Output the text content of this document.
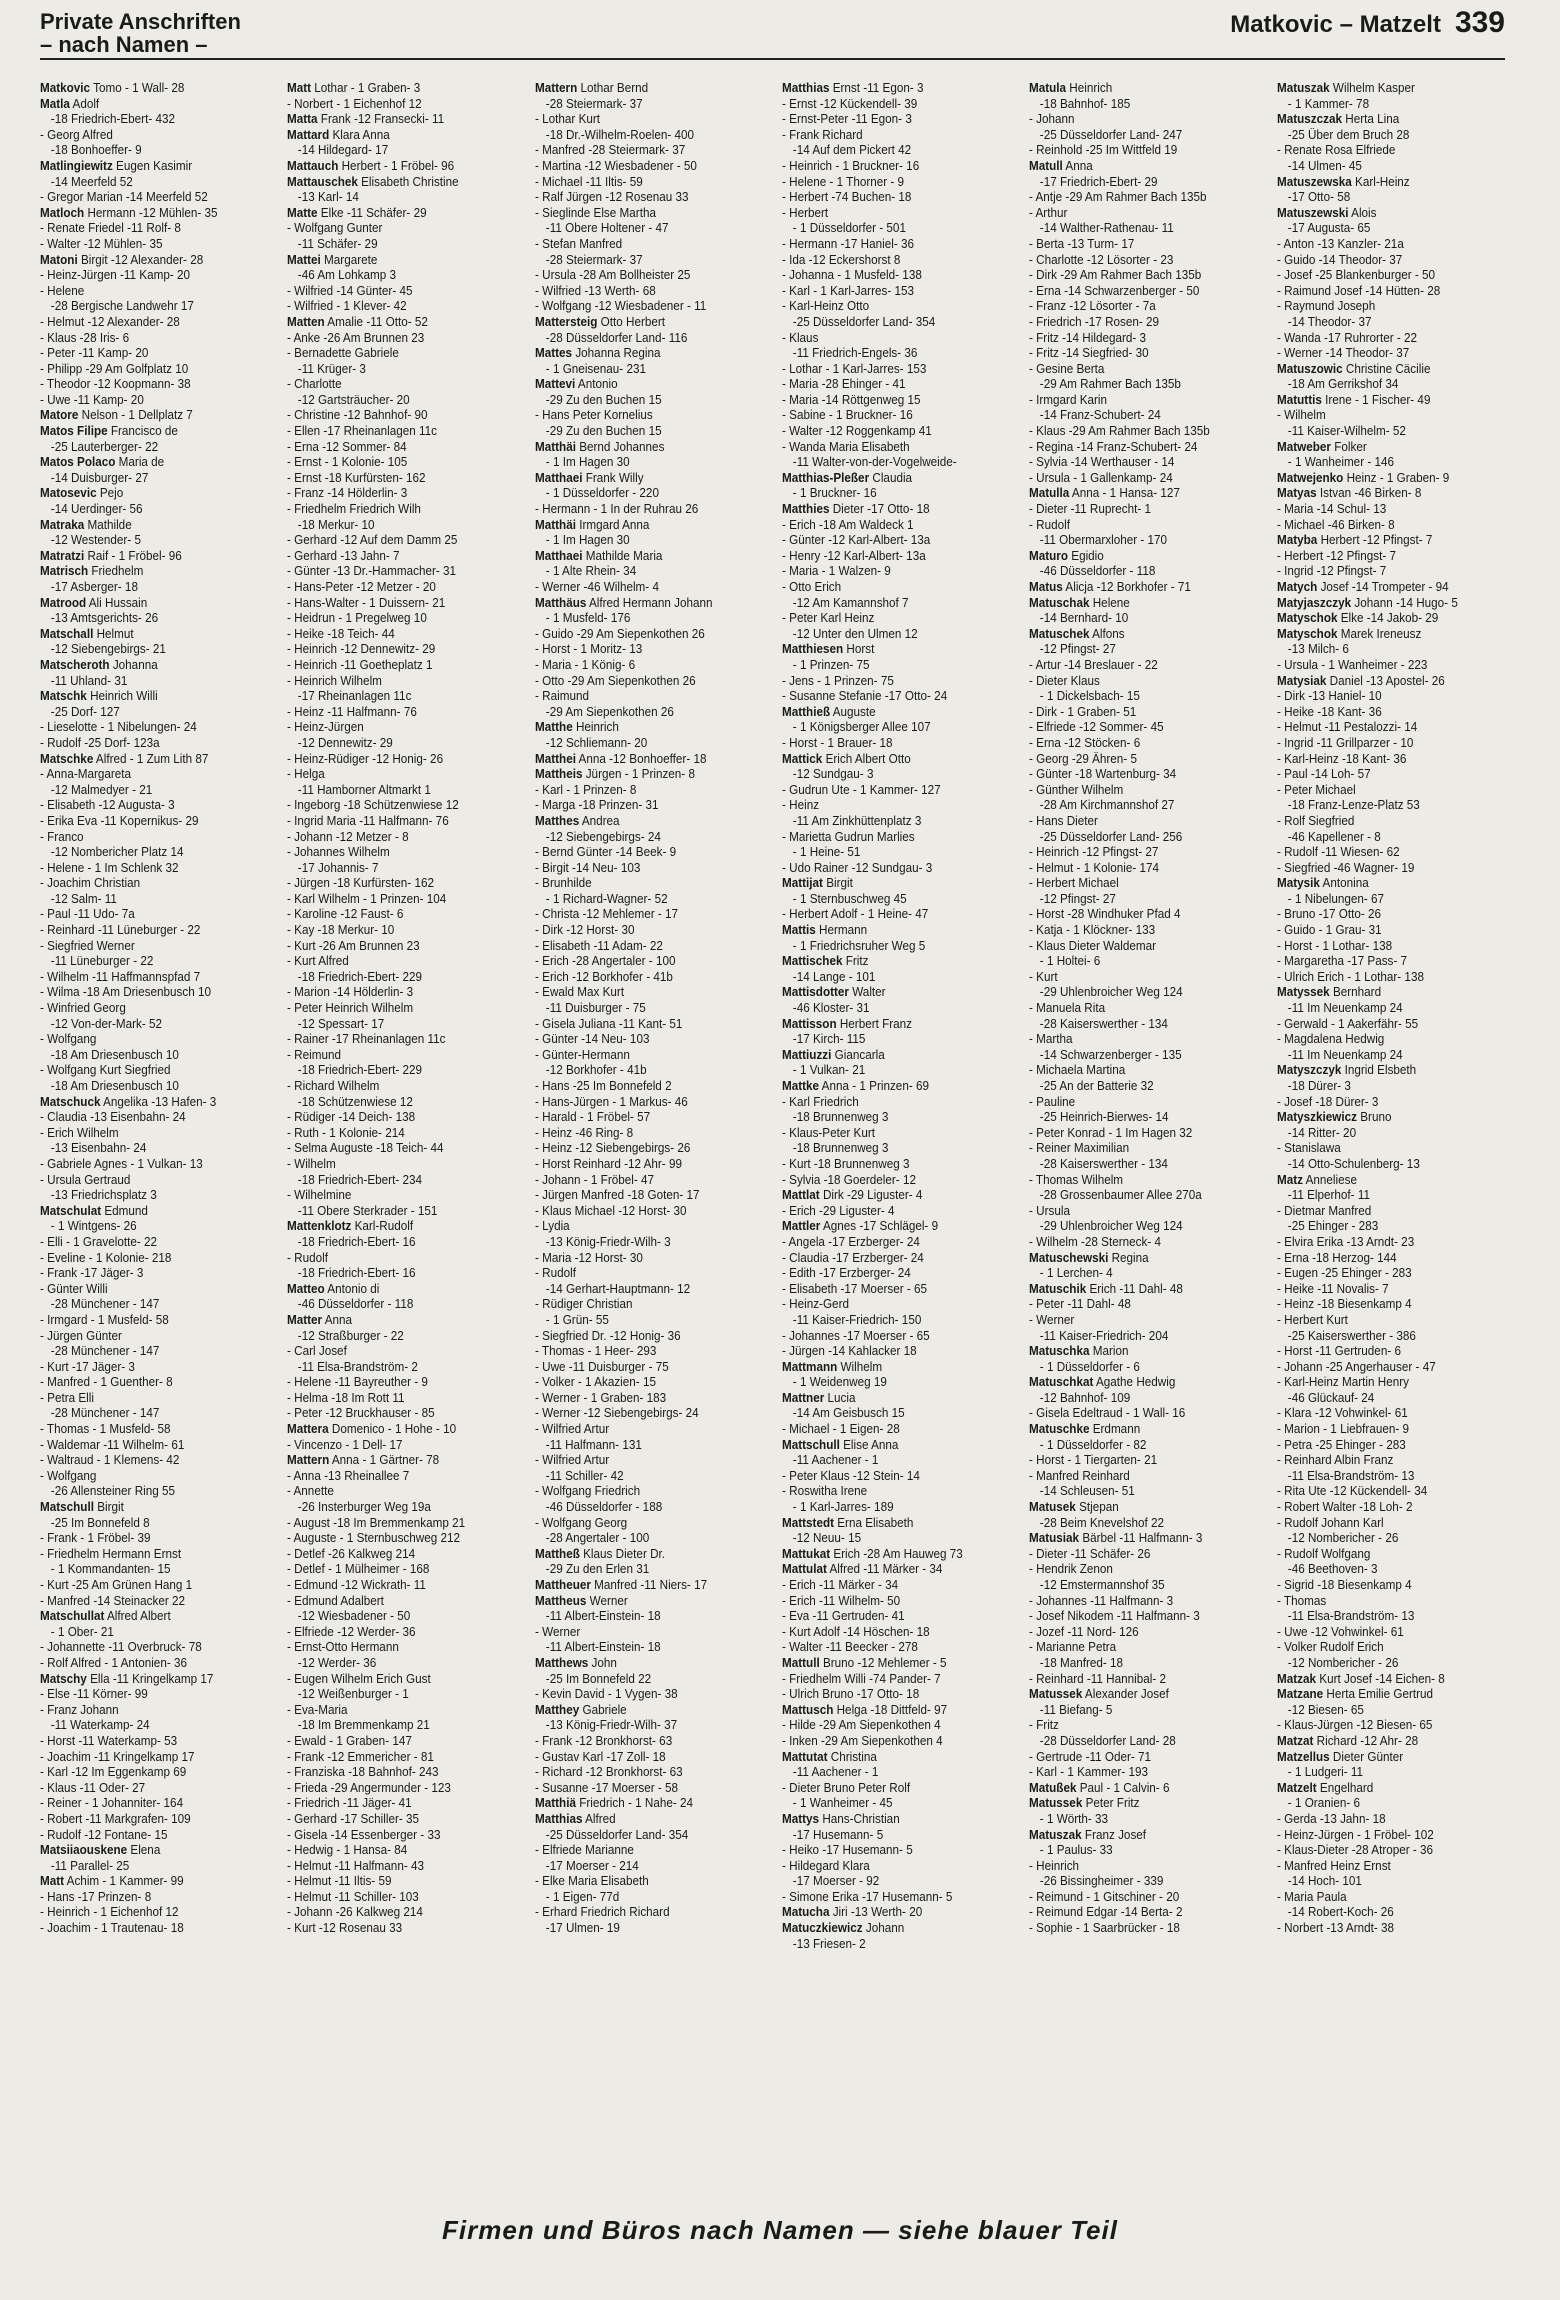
Private Anschriften
– nach Namen –
Matkovic – Matzelt 339
Matkovic Tomo - 1 Wall- 28
Matla Adolf
-18 Friedrich-Ebert- 432
- Georg Alfred
-18 Bonhoeffer- 9
Matlingiewitz Eugen Kasimir
-14 Meerfeld 52
- Gregor Marian -14 Meerfeld 52
Matloch Hermann -12 Mühlen- 35
- Renate Friedel -11 Rolf- 8
- Walter -12 Mühlen- 35
Matoni Birgit -12 Alexander- 28
- Heinz-Jürgen -11 Kamp- 20
- Helene
-28 Bergische Landwehr 17
- Helmut -12 Alexander- 28
- Klaus -28 Iris- 6
- Peter -11 Kamp- 20
- Philipp -29 Am Golfplatz 10
- Theodor -12 Koopmann- 38
- Uwe -11 Kamp- 20
Matore Nelson - 1 Dellplatz 7
Matos Filipe Francisco de
-25 Lauterberger- 22
Matos Polaco Maria de
-14 Duisburger- 27
Matosevic Pejo
-14 Uerdinger- 56
Matraka Mathilde
-12 Westender- 5
Matratzi Raif - 1 Fröbel- 96
Matrisch Friedhelm
-17 Asberger- 18
Matrood Ali Hussain
-13 Amtsgerichts- 26
Matschall Helmut
-12 Siebengebirgs- 21
Matscheroth Johanna
-11 Uhland- 31
Matschk Heinrich Willi
-25 Dorf- 127
- Lieselotte - 1 Nibelungen- 24
- Rudolf -25 Dorf- 123a
Matschke Alfred - 1 Zum Lith 87
- Anna-Margareta
-12 Malmedyer - 21
- Elisabeth -12 Augusta- 3
- Erika Eva -11 Kopernikus- 29
- Franco
-12 Nombericher Platz 14
- Helene - 1 Im Schlenk 32
- Joachim Christian
-12 Salm- 11
- Paul -11 Udo- 7a
- Reinhard -11 Lüneburger - 22
- Siegfried Werner
-11 Lüneburger - 22
- Wilhelm -11 Haffmannspfad 7
- Wilma -18 Am Driesenbusch 10
- Winfried Georg
-12 Von-der-Mark- 52
- Wolfgang
-18 Am Driesenbusch 10
- Wolfgang Kurt Siegfried
-18 Am Driesenbusch 10
Matschuck Angelika -13 Hafen- 3
- Claudia -13 Eisenbahn- 24
- Erich Wilhelm
-13 Eisenbahn- 24
- Gabriele Agnes - 1 Vulkan- 13
- Ursula Gertraud
-13 Friedrichsplatz 3
Matschulat Edmund
- 1 Wintgens- 26
- Elli - 1 Gravelotte- 22
- Eveline - 1 Kolonie- 218
- Frank -17 Jäger- 3
- Günter Willi
-28 Münchener - 147
- Irmgard - 1 Musfeld- 58
- Jürgen Günter
-28 Münchener - 147
- Kurt -17 Jäger- 3
- Manfred - 1 Guenther- 8
- Petra Elli
-28 Münchener - 147
- Thomas - 1 Musfeld- 58
- Waldemar -11 Wilhelm- 61
- Waltraud - 1 Klemens- 42
- Wolfgang
-26 Allensteiner Ring 55
Matschull Birgit
-25 Im Bonnefeld 8
- Frank - 1 Fröbel- 39
- Friedhelm Hermann Ernst
- 1 Kommandanten- 15
- Kurt -25 Am Grünen Hang 1
- Manfred -14 Steinacker 22
Matschullat Alfred Albert
- 1 Ober- 21
- Johannette -11 Overbruck- 78
- Rolf Alfred - 1 Antonien- 36
Matschy Ella -11 Kringelkamp 17
- Else -11 Körner- 99
- Franz Johann
-11 Waterkamp- 24
- Horst -11 Waterkamp- 53
- Joachim -11 Kringelkamp 17
- Karl -12 Im Eggenkamp 69
- Klaus -11 Oder- 27
- Reiner - 1 Johanniter- 164
- Robert -11 Markgrafen- 109
- Rudolf -12 Fontane- 15
Matsiiaouskene Elena
-11 Parallel- 25
Matt Achim - 1 Kammer- 99
- Hans -17 Prinzen- 8
- Heinrich - 1 Eichenhof 12
- Joachim - 1 Trautenau- 18
Matt Lothar - 1 Graben- 3
- Norbert - 1 Eichenhof 12
Matta Frank -12 Fransecki- 11
Mattard Klara Anna
-14 Hildegard- 17
Mattauch Herbert - 1 Fröbel- 96
Mattauschek Elisabeth Christine
-13 Karl- 14
Matte Elke -11 Schäfer- 29
- Wolfgang Gunter
-11 Schäfer- 29
Mattei Margarete
-46 Am Lohkamp 3
- Wilfried -14 Günter- 45
- Wilfried - 1 Klever- 42
Matten Amalie -11 Otto- 52
- Anke -26 Am Brunnen 23
- Bernadette Gabriele
-11 Krüger- 3
- Charlotte
-12 Gartsträucher- 20
- Christine -12 Bahnhof- 90
- Ellen -17 Rheinanlagen 11c
- Erna -12 Sommer- 84
- Ernst - 1 Kolonie- 105
- Ernst -18 Kurfürsten- 162
- Franz -14 Hölderlin- 3
- Friedhelm Friedrich Wilh
-18 Merkur- 10
- Gerhard -12 Auf dem Damm 25
- Gerhard -13 Jahn- 7
- Günter -13 Dr.-Hammacher- 31
- Hans-Peter -12 Metzer - 20
- Hans-Walter - 1 Duissern- 21
- Heidrun - 1 Pregelweg 10
- Heike -18 Teich- 44
- Heinrich -12 Dennewitz- 29
- Heinrich -11 Goetheplatz 1
- Heinrich Wilhelm
-17 Rheinanlagen 11c
- Heinz -11 Halfmann- 76
- Heinz-Jürgen
-12 Dennewitz- 29
- Heinz-Rüdiger -12 Honig- 26
- Helga
-11 Hamborner Altmarkt 1
- Ingeborg -18 Schützenwiese 12
- Ingrid Maria -11 Halfmann- 76
- Johann -12 Metzer - 8
- Johannes Wilhelm
-17 Johannis- 7
- Jürgen -18 Kurfürsten- 162
- Karl Wilhelm - 1 Prinzen- 104
- Karoline -12 Faust- 6
- Kay -18 Merkur- 10
- Kurt -26 Am Brunnen 23
- Kurt Alfred
-18 Friedrich-Ebert- 229
- Marion -14 Hölderlin- 3
- Peter Heinrich Wilhelm
-12 Spessart- 17
- Rainer -17 Rheinanlagen 11c
- Reimund
-18 Friedrich-Ebert- 229
- Richard Wilhelm
-18 Schützenwiese 12
- Rüdiger -14 Deich- 138
- Ruth - 1 Kolonie- 214
- Selma Auguste -18 Teich- 44
- Wilhelm
-18 Friedrich-Ebert- 234
- Wilhelmine
-11 Obere Sterkrader - 151
Mattenklotz Karl-Rudolf
-18 Friedrich-Ebert- 16
- Rudolf
-18 Friedrich-Ebert- 16
Matteo Antonio di
-46 Düsseldorfer - 118
Matter Anna
-12 Straßburger - 22
- Carl Josef
-11 Elsa-Brandström- 2
- Helene -11 Bayreuther - 9
- Helma -18 Im Rott 11
- Peter -12 Bruckhauser - 85
Mattera Domenico - 1 Hohe - 10
- Vincenzo - 1 Dell- 17
Mattern Anna - 1 Gärtner- 78
- Anna -13 Rheinallee 7
- Annette
-26 Insterburger Weg 19a
- August -18 Im Bremmenkamp 21
- Auguste - 1 Sternbuschweg 212
- Detlef -26 Kalkweg 214
- Detlef - 1 Mülheimer - 168
- Edmund -12 Wickrath- 11
- Edmund Adalbert
-12 Wiesbadener - 50
- Elfriede -12 Werder- 36
- Ernst-Otto Hermann
-12 Werder- 36
- Eugen Wilhelm Erich Gust
-12 Weißenburger - 1
- Eva-Maria
-18 Im Bremmenkamp 21
- Ewald - 1 Graben- 147
- Frank -12 Emmericher - 81
- Franziska -18 Bahnhof- 243
- Frieda -29 Angermunder - 123
- Friedrich -11 Jäger- 41
- Gerhard -17 Schiller- 35
- Gisela -14 Essenberger - 33
- Hedwig - 1 Hansa- 84
- Helmut -11 Halfmann- 43
- Helmut -11 Iltis- 59
- Helmut -11 Schiller- 103
- Johann -26 Kalkweg 214
- Kurt -12 Rosenau 33
Mattern Lothar Bernd
-28 Steiermark- 37
- Lothar Kurt
-18 Dr.-Wilhelm-Roelen- 400
- Manfred -28 Steiermark- 37
- Martina -12 Wiesbadener - 50
- Michael -11 Iltis- 59
- Ralf Jürgen -12 Rosenau 33
- Sieglinde Else Martha
-11 Obere Holtener - 47
- Stefan Manfred
-28 Steiermark- 37
- Ursula -28 Am Bollheister 25
- Wilfried -13 Werth- 68
- Wolfgang -12 Wiesbadener - 11
Mattersteig Otto Herbert
-28 Düsseldorfer Land- 116
Mattes Johanna Regina
- 1 Gneisenau- 231
Mattevi Antonio
-29 Zu den Buchen 15
- Hans Peter Kornelius
-29 Zu den Buchen 15
Matthäi Bernd Johannes
- 1 Im Hagen 30
Matthaei Frank Willy
- 1 Düsseldorfer - 220
- Hermann - 1 In der Ruhrau 26
Matthäi Irmgard Anna
- 1 Im Hagen 30
Matthaei Mathilde Maria
- 1 Alte Rhein- 34
- Werner -46 Wilhelm- 4
Matthäus Alfred Hermann Johann
- 1 Musfeld- 176
- Guido -29 Am Siepenkothen 26
- Horst - 1 Moritz- 13
- Maria - 1 König- 6
- Otto -29 Am Siepenkothen 26
- Raimund
-29 Am Siepenkothen 26
Matthe Heinrich
-12 Schliemann- 20
Matthei Anna -12 Bonhoeffer- 18
Mattheis Jürgen - 1 Prinzen- 8
- Karl - 1 Prinzen- 8
- Marga -18 Prinzen- 31
Matthes Andrea
-12 Siebengebirgs- 24
- Bernd Günter -14 Beek- 9
- Birgit -14 Neu- 103
- Brunhilde
- 1 Richard-Wagner- 52
- Christa -12 Mehlemer - 17
- Dirk -12 Horst- 30
- Elisabeth -11 Adam- 22
- Erich -28 Angertaler - 100
- Erich -12 Borkhofer - 41b
- Ewald Max Kurt
-11 Duisburger - 75
- Gisela Juliana -11 Kant- 51
- Günter -14 Neu- 103
- Günter-Hermann
-12 Borkhofer - 41b
- Hans -25 Im Bonnefeld 2
- Hans-Jürgen - 1 Markus- 46
- Harald - 1 Fröbel- 57
- Heinz -46 Ring- 8
- Heinz -12 Siebengebirgs- 26
- Horst Reinhard -12 Ahr- 99
- Johann - 1 Fröbel- 47
- Jürgen Manfred -18 Goten- 17
- Klaus Michael -12 Horst- 30
- Lydia
-13 König-Friedr-Wilh- 3
- Maria -12 Horst- 30
- Rudolf
-14 Gerhart-Hauptmann- 12
- Rüdiger Christian
- 1 Grün- 55
- Siegfried Dr. -12 Honig- 36
- Thomas - 1 Heer- 293
- Uwe -11 Duisburger - 75
- Volker - 1 Akazien- 15
- Werner - 1 Graben- 183
- Werner -12 Siebengebirgs- 24
- Wilfried Artur
-11 Halfmann- 131
- Wilfried Artur
-11 Schiller- 42
- Wolfgang Friedrich
-46 Düsseldorfer - 188
- Wolfgang Georg
-28 Angertaler - 100
Mattheß Klaus Dieter Dr.
-29 Zu den Erlen 31
Mattheuer Manfred -11 Niers- 17
Mattheus Werner
-11 Albert-Einstein- 18
- Werner
-11 Albert-Einstein- 18
Matthews John
-25 Im Bonnefeld 22
- Kevin David - 1 Vygen- 38
Matthey Gabriele
-13 König-Friedr-Wilh- 37
- Frank -12 Bronkhorst- 63
- Gustav Karl -17 Zoll- 18
- Richard -12 Bronkhorst- 63
- Susanne -17 Moerser - 58
Matthiä Friedrich - 1 Nahe- 24
Matthias Alfred
-25 Düsseldorfer Land- 354
- Elfriede Marianne
-17 Moerser - 214
- Elke Maria Elisabeth
- 1 Eigen- 77d
- Erhard Friedrich Richard
-17 Ulmen- 19
Matthias Ernst -11 Egon- 3
- Ernst -12 Kückendell- 39
- Ernst-Peter -11 Egon- 3
- Frank Richard
-14 Auf dem Pickert 42
- Heinrich - 1 Bruckner- 16
- Helene - 1 Thorner - 9
- Herbert -74 Buchen- 18
- Herbert
- 1 Düsseldorfer - 501
- Hermann -17 Haniel- 36
- Ida -12 Eckershorst 8
- Johanna - 1 Musfeld- 138
- Karl - 1 Karl-Jarres- 153
- Karl-Heinz Otto
-25 Düsseldorfer Land- 354
- Klaus
-11 Friedrich-Engels- 36
- Lothar - 1 Karl-Jarres- 153
- Maria -28 Ehinger - 41
- Maria -14 Röttgenweg 15
- Sabine - 1 Bruckner- 16
- Walter -12 Roggenkamp 41
- Wanda Maria Elisabeth
-11 Walter-von-der-Vogelweide-
Matthias-Pleßer Claudia
- 1 Bruckner- 16
Matthies Dieter -17 Otto- 18
- Erich -18 Am Waldeck 1
- Günter -12 Karl-Albert- 13a
- Henry -12 Karl-Albert- 13a
- Maria - 1 Walzen- 9
- Otto Erich
-12 Am Kamannshof 7
- Peter Karl Heinz
-12 Unter den Ulmen 12
Matthiesen Horst
- 1 Prinzen- 75
- Jens - 1 Prinzen- 75
- Susanne Stefanie -17 Otto- 24
Matthieß Auguste
- 1 Königsberger Allee 107
- Horst - 1 Brauer- 18
Mattick Erich Albert Otto
-12 Sundgau- 3
- Gudrun Ute - 1 Kammer- 127
- Heinz
-11 Am Zinkhüttenplatz 3
- Marietta Gudrun Marlies
- 1 Heine- 51
- Udo Rainer -12 Sundgau- 3
Mattijat Birgit
- 1 Sternbuschweg 45
- Herbert Adolf - 1 Heine- 47
Mattis Hermann
- 1 Friedrichsruher Weg 5
Mattischek Fritz
-14 Lange - 101
Mattisdotter Walter
-46 Kloster- 31
Mattisson Herbert Franz
-17 Kirch- 115
Mattiuzzi Giancarla
- 1 Vulkan- 21
Mattke Anna - 1 Prinzen- 69
- Karl Friedrich
-18 Brunnenweg 3
- Klaus-Peter Kurt
-18 Brunnenweg 3
- Kurt -18 Brunnenweg 3
- Sylvia -18 Goerdeler- 12
Mattlat Dirk -29 Liguster- 4
- Erich -29 Liguster- 4
Mattler Agnes -17 Schlägel- 9
- Angela -17 Erzberger- 24
- Claudia -17 Erzberger- 24
- Edith -17 Erzberger- 24
- Elisabeth -17 Moerser - 65
- Heinz-Gerd
-11 Kaiser-Friedrich- 150
- Johannes -17 Moerser - 65
- Jürgen -14 Kahlacker 18
Mattmann Wilhelm
- 1 Weidenweg 19
Mattner Lucia
-14 Am Geisbusch 15
- Michael - 1 Eigen- 28
Mattschull Elise Anna
-11 Aachener - 1
- Peter Klaus -12 Stein- 14
- Roswitha Irene
- 1 Karl-Jarres- 189
Mattstedt Erna Elisabeth
-12 Neuu- 15
Mattukat Erich -28 Am Hauweg 73
Mattulat Alfred -11 Märker - 34
- Erich -11 Märker - 34
- Erich -11 Wilhelm- 50
- Eva -11 Gertruden- 41
- Kurt Adolf -14 Höschen- 18
- Walter -11 Beecker - 278
Mattull Bruno -12 Mehlemer - 5
- Friedhelm Willi -74 Pander- 7
- Ulrich Bruno -17 Otto- 18
Mattusch Helga -18 Dittfeld- 97
- Hilde -29 Am Siepenkothen 4
- Inken -29 Am Siepenkothen 4
Mattutat Christina
-11 Aachener - 1
- Dieter Bruno Peter Rolf
- 1 Wanheimer - 45
Mattys Hans-Christian
-17 Husemann- 5
- Heiko -17 Husemann- 5
- Hildegard Klara
-17 Moerser - 92
- Simone Erika -17 Husemann- 5
Matucha Jiri -13 Werth- 20
Matuczkiewicz Johann
-13 Friesen- 2
Matula Heinrich
-18 Bahnhof- 185
- Johann
-25 Düsseldorfer Land- 247
- Reinhold -25 Im Wittfeld 19
Matull Anna
-17 Friedrich-Ebert- 29
- Antje -29 Am Rahmer Bach 135b
- Arthur
-14 Walther-Rathenau- 11
- Berta -13 Turm- 17
- Charlotte -12 Lösorter - 23
- Dirk -29 Am Rahmer Bach 135b
- Erna -14 Schwarzenberger - 50
- Franz -12 Lösorter - 7a
- Friedrich -17 Rosen- 29
- Fritz -14 Hildegard- 3
- Fritz -14 Siegfried- 30
- Gesine Berta
-29 Am Rahmer Bach 135b
- Irmgard Karin
-14 Franz-Schubert- 24
- Klaus -29 Am Rahmer Bach 135b
- Regina -14 Franz-Schubert- 24
- Sylvia -14 Werthauser - 14
- Ursula - 1 Gallenkamp- 24
Matulla Anna - 1 Hansa- 127
- Dieter -11 Ruprecht- 1
- Rudolf
-11 Obermarxloher - 170
Maturo Egidio
-46 Düsseldorfer - 118
Matus Alicja -12 Borkhofer - 71
Matuschak Helene
-14 Bernhard- 10
Matuschek Alfons
-12 Pfingst- 27
- Artur -14 Breslauer - 22
- Dieter Klaus
- 1 Dickelsbach- 15
- Dirk - 1 Graben- 51
- Elfriede -12 Sommer- 45
- Erna -12 Stöcken- 6
- Georg -29 Ähren- 5
- Günter -18 Wartenburg- 34
- Günther Wilhelm
-28 Am Kirchmannshof 27
- Hans Dieter
-25 Düsseldorfer Land- 256
- Heinrich -12 Pfingst- 27
- Helmut - 1 Kolonie- 174
- Herbert Michael
-12 Pfingst- 27
- Horst -28 Windhuker Pfad 4
- Katja - 1 Klöckner- 133
- Klaus Dieter Waldemar
- 1 Holtei- 6
- Kurt
-29 Uhlenbroicher Weg 124
- Manuela Rita
-28 Kaiserswerther - 134
- Martha
-14 Schwarzenberger - 135
- Michaela Martina
-25 An der Batterie 32
- Pauline
-25 Heinrich-Bierwes- 14
- Peter Konrad - 1 Im Hagen 32
- Reiner Maximilian
-28 Kaiserswerther - 134
- Thomas Wilhelm
-28 Grossenbaumer Allee 270a
- Ursula
-29 Uhlenbroicher Weg 124
- Wilhelm -28 Sterneck- 4
Matuschewski Regina
- 1 Lerchen- 4
Matuschik Erich -11 Dahl- 48
- Peter -11 Dahl- 48
- Werner
-11 Kaiser-Friedrich- 204
Matuschka Marion
- 1 Düsseldorfer - 6
Matuschkat Agathe Hedwig
-12 Bahnhof- 109
- Gisela Edeltraud - 1 Wall- 16
Matuschke Erdmann
- 1 Düsseldorfer - 82
- Horst - 1 Tiergarten- 21
- Manfred Reinhard
-14 Schleusen- 51
Matusek Stjepan
-28 Beim Knevelshof 22
Matusiak Bärbel -11 Halfmann- 3
- Dieter -11 Schäfer- 26
- Hendrik Zenon
-12 Emstermannshof 35
- Johannes -11 Halfmann- 3
- Josef Nikodem -11 Halfmann- 3
- Jozef -11 Nord- 126
- Marianne Petra
-18 Manfred- 18
- Reinhard -11 Hannibal- 2
Matussek Alexander Josef
-11 Biefang- 5
- Fritz
-28 Düsseldorfer Land- 28
- Gertrude -11 Oder- 71
- Karl - 1 Kammer- 193
Matußek Paul - 1 Calvin- 6
Matussek Peter Fritz
- 1 Wörth- 33
Matuszak Franz Josef
- 1 Paulus- 33
- Heinrich
-26 Bissingheimer - 339
- Reimund - 1 Gitschiner - 20
- Reimund Edgar -14 Berta- 2
- Sophie - 1 Saarbrücker - 18
Matuszak Wilhelm Kasper
- 1 Kammer- 78
Matuszczak Herta Lina
-25 Über dem Bruch 28
- Renate Rosa Elfriede
-14 Ulmen- 45
Matuszewska Karl-Heinz
-17 Otto- 58
Matuszewski Alois
-17 Augusta- 65
- Anton -13 Kanzler- 21a
- Guido -14 Theodor- 37
- Josef -25 Blankenburger - 50
- Raimund Josef -14 Hütten- 28
- Raymund Joseph
-14 Theodor- 37
- Wanda -17 Ruhrorter - 22
- Werner -14 Theodor- 37
Matuszowic Christine Cäcilie
-18 Am Gerrikshof 34
Matuttis Irene - 1 Fischer- 49
- Wilhelm
-11 Kaiser-Wilhelm- 52
Matweber Folker
- 1 Wanheimer - 146
Matwejenko Heinz - 1 Graben- 9
Matyas Istvan -46 Birken- 8
- Maria -14 Schul- 13
- Michael -46 Birken- 8
Matyba Herbert -12 Pfingst- 7
- Herbert -12 Pfingst- 7
- Ingrid -12 Pfingst- 7
Matych Josef -14 Trompeter - 94
Matyjaszczyk Johann -14 Hugo- 5
Matyschok Elke -14 Jakob- 29
Matyschok Marek Ireneusz
-13 Milch- 6
- Ursula - 1 Wanheimer - 223
Matysiak Daniel -13 Apostel- 26
- Dirk -13 Haniel- 10
- Heike -18 Kant- 36
- Helmut -11 Pestalozzi- 14
- Ingrid -11 Grillparzer - 10
- Karl-Heinz -18 Kant- 36
- Paul -14 Loh- 57
- Peter Michael
-18 Franz-Lenze-Platz 53
- Rolf Siegfried
-46 Kapellener - 8
- Rudolf -11 Wiesen- 62
- Siegfried -46 Wagner- 19
Matysik Antonina
- 1 Nibelungen- 67
- Bruno -17 Otto- 26
- Guido - 1 Grau- 31
- Horst - 1 Lothar- 138
- Margaretha -17 Pass- 7
- Ulrich Erich - 1 Lothar- 138
Matyssek Bernhard
-11 Im Neuenkamp 24
- Gerwald - 1 Aakerfähr- 55
- Magdalena Hedwig
-11 Im Neuenkamp 24
Matyszczyk Ingrid Elsbeth
-18 Dürer- 3
- Josef -18 Dürer- 3
Matyszkiewicz Bruno
-14 Ritter- 20
- Stanislawa
-14 Otto-Schulenberg- 13
Matz Anneliese
-11 Elperhof- 11
- Dietmar Manfred
-25 Ehinger - 283
- Elvira Erika -13 Arndt- 23
- Erna -18 Herzog- 144
- Eugen -25 Ehinger - 283
- Heike -11 Novalis- 7
- Heinz -18 Biesenkamp 4
- Herbert Kurt
-25 Kaiserswerther - 386
- Horst -11 Gertruden- 6
- Johann -25 Angerhauser - 47
- Karl-Heinz Martin Henry
-46 Glückauf- 24
- Klara -12 Vohwinkel- 61
- Marion - 1 Liebfrauen- 9
- Petra -25 Ehinger - 283
- Reinhard Albin Franz
-11 Elsa-Brandström- 13
- Rita Ute -12 Kückendell- 34
- Robert Walter -18 Loh- 2
- Rudolf Johann Karl
-12 Nombericher - 26
- Rudolf Wolfgang
-46 Beethoven- 3
- Sigrid -18 Biesenkamp 4
- Thomas
-11 Elsa-Brandström- 13
- Uwe -12 Vohwinkel- 61
- Volker Rudolf Erich
-12 Nombericher - 26
Matzak Kurt Josef -14 Eichen- 8
Matzane Herta Emilie Gertrud
-12 Biesen- 65
- Klaus-Jürgen -12 Biesen- 65
Matzat Richard -12 Ahr- 28
Matzellus Dieter Günter
- 1 Ludgeri- 11
Matzelt Engelhard
- 1 Oranien- 6
- Gerda -13 Jahn- 18
- Heinz-Jürgen - 1 Fröbel- 102
- Klaus-Dieter -28 Atroper - 36
- Manfred Heinz Ernst
-14 Hoch- 101
- Maria Paula
-14 Robert-Koch- 26
- Norbert -13 Arndt- 38
Firmen und Büros nach Namen — siehe blauer Teil
